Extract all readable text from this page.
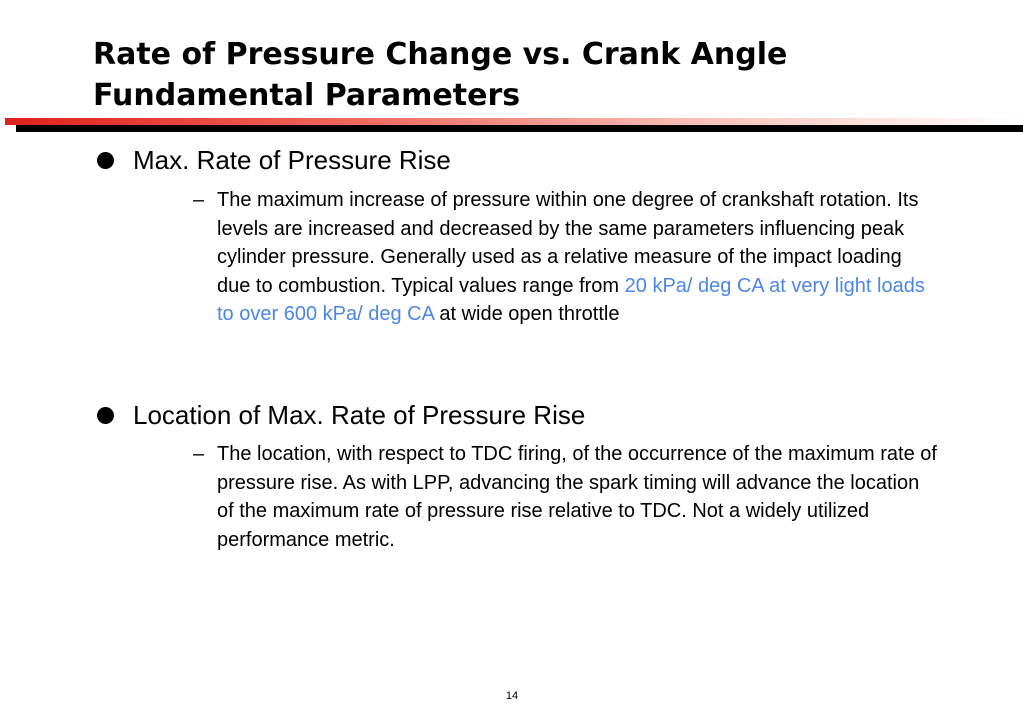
Rate of Pressure Change vs. Crank Angle
Fundamental Parameters
Max. Rate of Pressure Rise
– The maximum increase of pressure within one degree of crankshaft rotation. Its levels are increased and decreased by the same parameters influencing peak cylinder pressure. Generally used as a relative measure of the impact loading due to combustion. Typical values range from 20 kPa/ deg CA at very light loads to over 600 kPa/ deg CA at wide open throttle
Location of Max. Rate of Pressure Rise
– The location, with respect to TDC firing, of the occurrence of the maximum rate of pressure rise. As with LPP, advancing the spark timing will advance the location of the maximum rate of pressure rise relative to TDC. Not a widely utilized performance metric.
14
